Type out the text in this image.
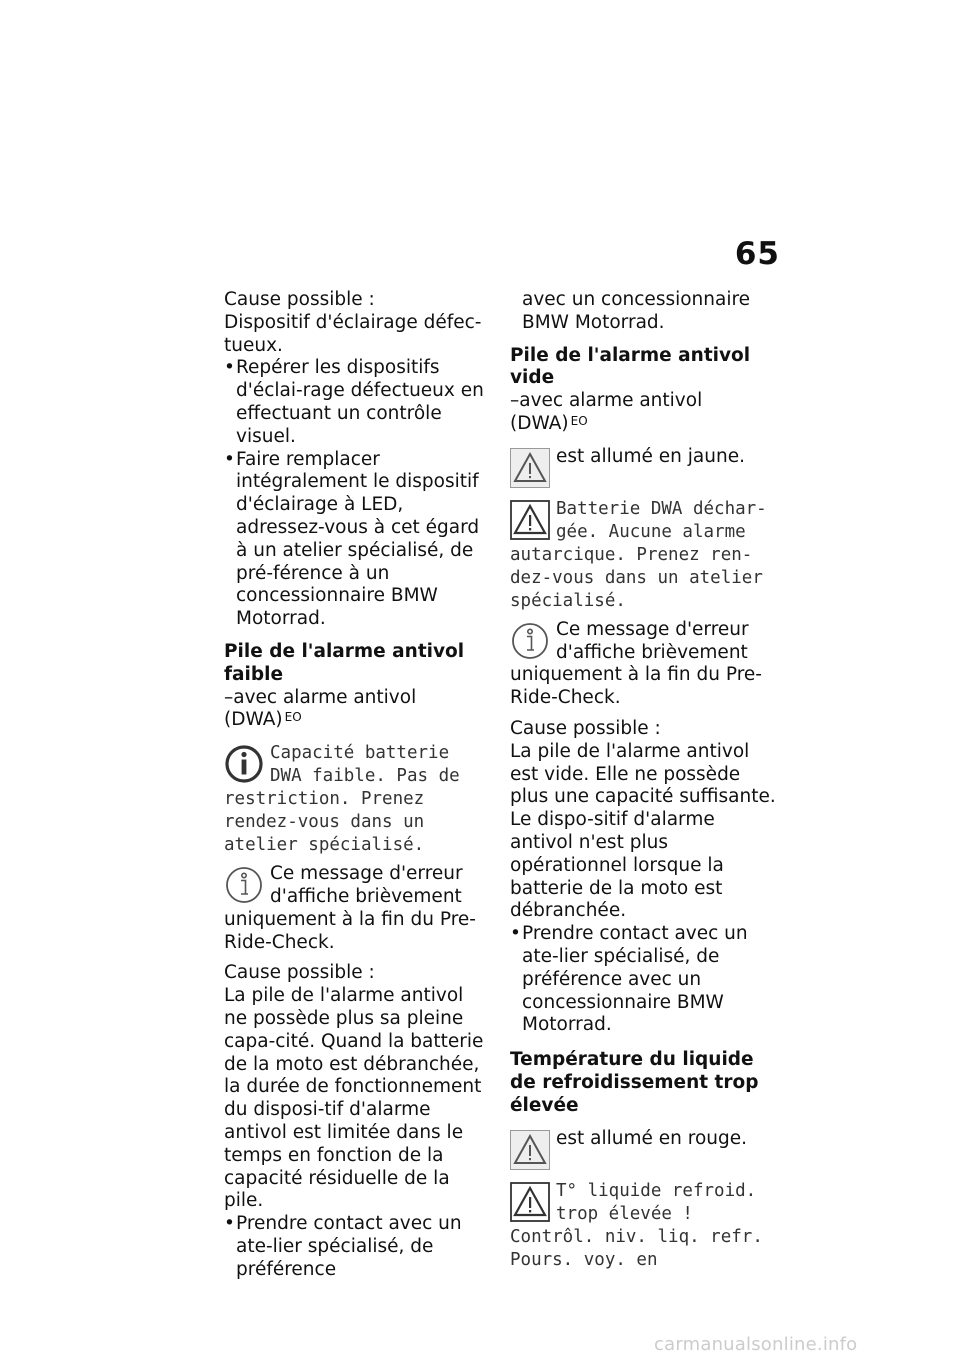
65

Cause possible :

Dispositif d'éclairage défec-tueux.

• Repérer les dispositifs d'éclai-rage défectueux en effectuant un contrôle visuel.
• Faire remplacer intégralement le dispositif d'éclairage à LED, adressez-vous à cet égard à un atelier spécialisé, de pré-férence à un concessionnaire BMW Motorrad.

Pile de l'alarme antivol faible

–avec alarme antivol (DWA) $^{EO}$

Capacité batterie DWA faible. Pas de restriction. Prenez rendez-vous dans un atelier spécialisé.

Ce message d'erreur d'affiche brièvement uniquement à la fin du Pre-Ride-Check.

Cause possible :

La pile de l'alarme antivol ne possède plus sa pleine capa-cité. Quand la batterie de la moto est débranchée, la durée de fonctionnement du disposi-tif d'alarme antivol est limitée dans le temps en fonction de la capacité résiduelle de la pile.

• Prendre contact avec un ate-lier spécialisé, de préférence

avec un concessionnaire BMW Motorrad.

Pile de l'alarme antivol vide

–avec alarme antivol (DWA) $^{EO}$

est allumé en jaune.

Batterie DWA déchar-gée. Aucune alarme autarcique. Prenez ren-dez-vous dans un atelier spécialisé.

Ce message d'erreur d'affiche brièvement uniquement à la fin du Pre-Ride-Check.

Cause possible :

La pile de l'alarme antivol est vide. Elle ne possède plus une capacité suffisante. Le dispo-sitif d'alarme antivol n'est plus opérationnel lorsque la batterie de la moto est débranchée.

• Prendre contact avec un ate-lier spécialisé, de préférence avec un concessionnaire BMW Motorrad.

Température du liquide de refroidissement trop élevée

est allumé en rouge.

T° liquide refroid. trop élevée ! Contrôl. niv. liq. refr. Pours. voy. en

carmanualsonline.info
